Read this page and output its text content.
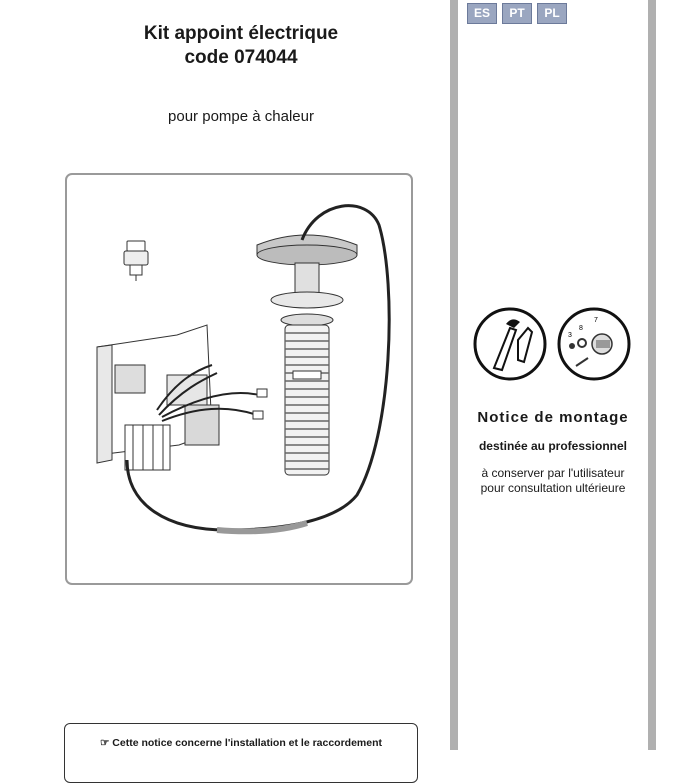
Kit appoint électrique
code 074044
pour pompe à chaleur
☞ Cette notice concerne l'installation et le raccordement
ES	PT	PL
3
8
7
Notice de montage
destinée au professionnel
à conserver par l'utilisateur
pour consultation ultérieure
